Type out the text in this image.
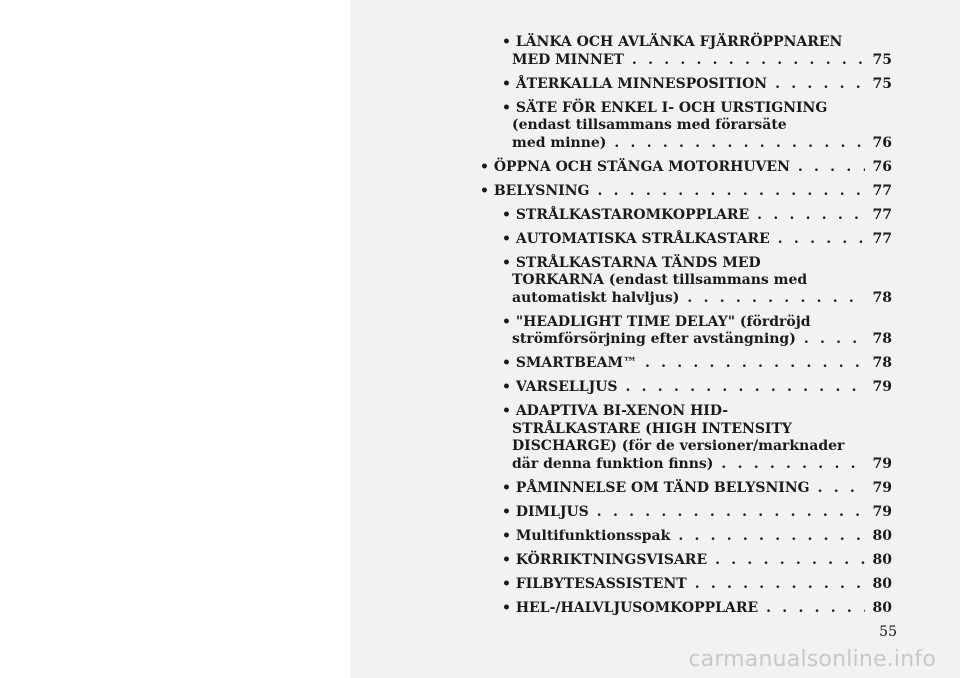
• LÄNKA OCH AVLÄNKA FJÄRRÖPPNAREN
MED MINNET . . .	75
• ÅTERKALLA MINNESPOSITION . . .	75
• SÄTE FÖR ENKEL I- OCH URSTIGNING
(endast tillsammans med förarsäte
med minne) . . .	76
• ÖPPNA OCH STÄNGA MOTORHUVEN . . .	76
• BELYSNING . . .	77
• STRÅLKASTAROMKOPPLARE . . .	77
• AUTOMATISKA STRÅLKASTARE . . .	77
• STRÅLKASTARNA TÄNDS MED
TORKARNA (endast tillsammans med
automatiskt halvljus) . . .	78
• "HEADLIGHT TIME DELAY" (fördröjd
strömförsörjning efter avstängning) . . .	78
• SMARTBEAM™ . . .	78
• VARSELLJUS . . .	79
• ADAPTIVA BI-XENON HID-
STRÅLKASTARE (HIGH INTENSITY
DISCHARGE) (för de versioner/marknader
där denna funktion finns) . . .	79
• PÅMINNELSE OM TÄND BELYSNING . . .	79
• DIMLJUS . . .	79
• Multifunktionsspak . . .	80
• KÖRRIKTNINGSVISARE . . .	80
• FILBYTESASSISTENT . . .	80
• HEL-/HALVLJUSOMKOPPLARE . . .	80
55
carmanualsonline.info
